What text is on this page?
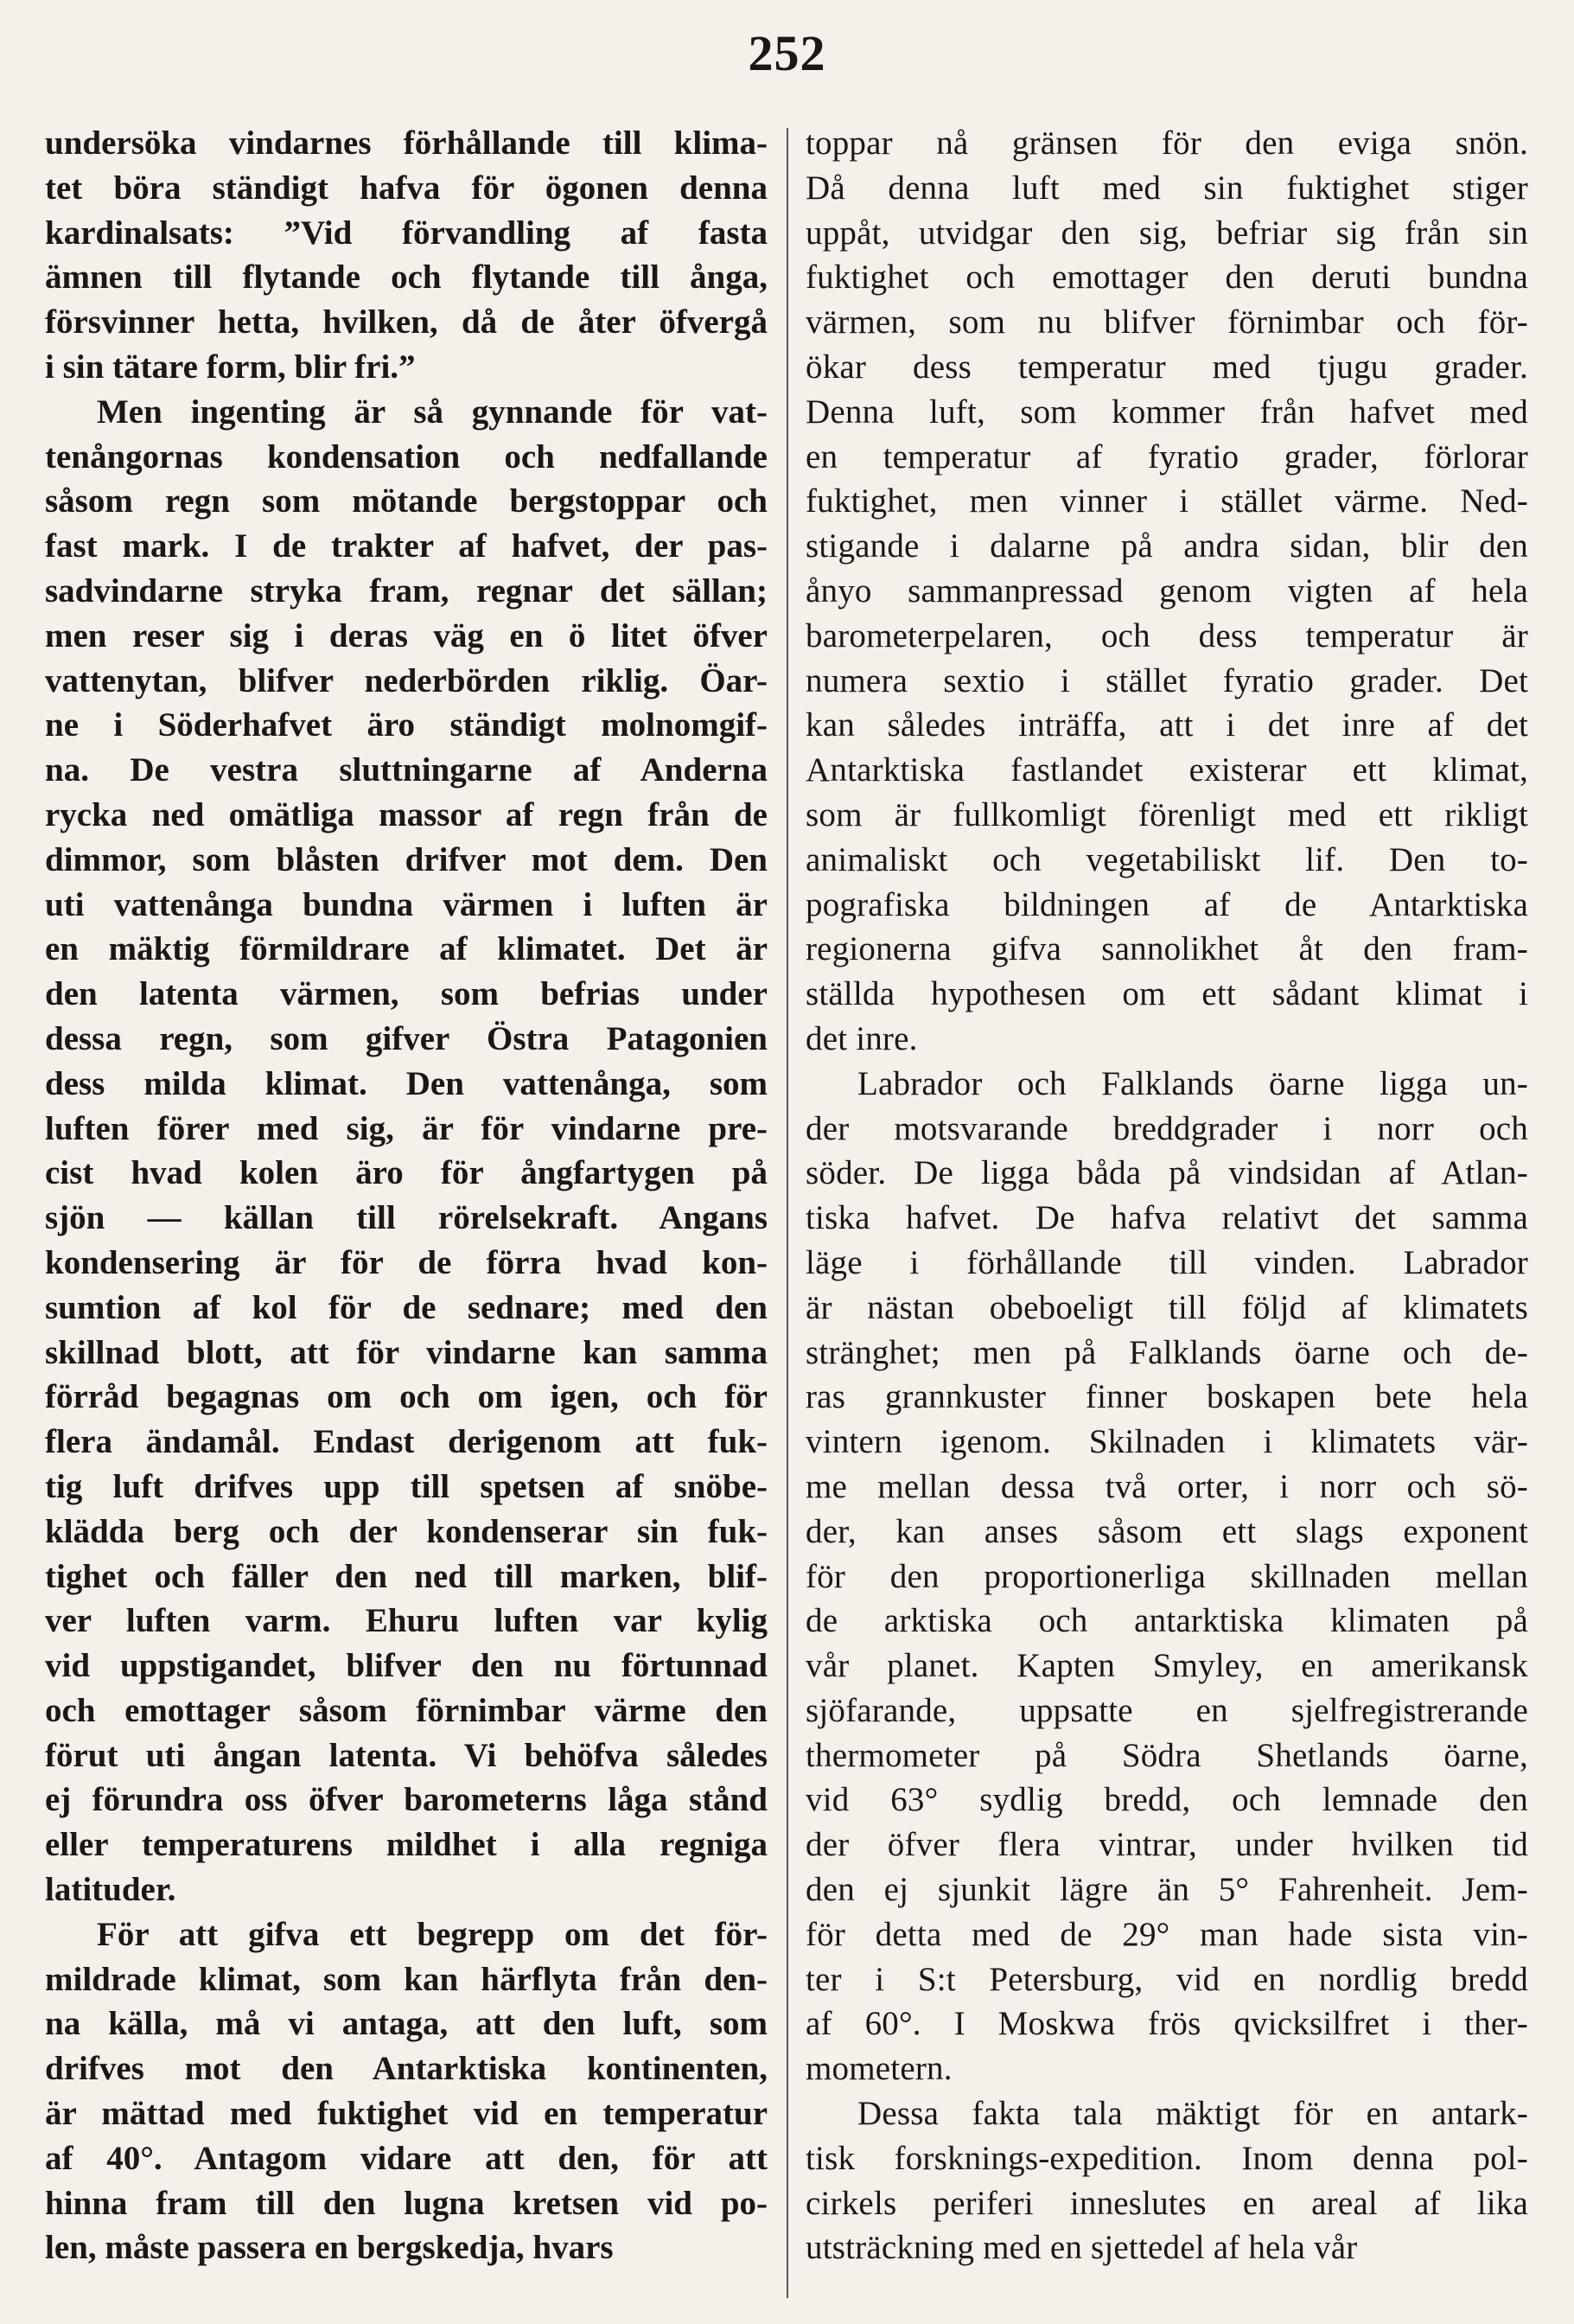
252
undersöka vindarnes förhållande till klima-
tet böra ständigt hafva för ögonen denna
kardinalsats: ”Vid förvandling af fasta
ämnen till flytande och flytande till ånga,
försvinner hetta, hvilken, då de åter öfvergå
i sin tätare form, blir fri.”
Men ingenting är så gynnande för vat-
tenångornas kondensation och nedfallande
såsom regn som mötande bergstoppar och
fast mark. I de trakter af hafvet, der pas-
sadvindarne stryka fram, regnar det sällan;
men reser sig i deras väg en ö litet öfver
vattenytan, blifver nederbörden riklig. Öar-
ne i Söderhafvet äro ständigt molnomgif-
na. De vestra sluttningarne af Anderna
rycka ned omätliga massor af regn från de
dimmor, som blåsten drifver mot dem. Den
uti vattenånga bundna värmen i luften är
en mäktig förmildrare af klimatet. Det är
den latenta värmen, som befrias under
dessa regn, som gifver Östra Patagonien
dess milda klimat. Den vattenånga, som
luften förer med sig, är för vindarne pre-
cist hvad kolen äro för ångfartygen på
sjön — källan till rörelsekraft. Angans
kondensering är för de förra hvad kon-
sumtion af kol för de sednare; med den
skillnad blott, att för vindarne kan samma
förråd begagnas om och om igen, och för
flera ändamål. Endast derigenom att fuk-
tig luft drifves upp till spetsen af snöbe-
klädda berg och der kondenserar sin fuk-
tighet och fäller den ned till marken, blif-
ver luften varm. Ehuru luften var kylig
vid uppstigandet, blifver den nu förtunnad
och emottager såsom förnimbar värme den
förut uti ångan latenta. Vi behöfva således
ej förundra oss öfver barometerns låga stånd
eller temperaturens mildhet i alla regniga
latituder.
För att gifva ett begrepp om det för-
mildrade klimat, som kan härflyta från den-
na källa, må vi antaga, att den luft, som
drifves mot den Antarktiska kontinenten,
är mättad med fuktighet vid en temperatur
af 40°. Antagom vidare att den, för att
hinna fram till den lugna kretsen vid po-
len, måste passera en bergskedja, hvars
toppar nå gränsen för den eviga snön.
Då denna luft med sin fuktighet stiger
uppåt, utvidgar den sig, befriar sig från sin
fuktighet och emottager den deruti bundna
värmen, som nu blifver förnimbar och för-
ökar dess temperatur med tjugu grader.
Denna luft, som kommer från hafvet med
en temperatur af fyratio grader, förlorar
fuktighet, men vinner i stället värme. Ned-
stigande i dalarne på andra sidan, blir den
ånyo sammanpressad genom vigten af hela
barometerpelaren, och dess temperatur är
numera sextio i stället fyratio grader. Det
kan således inträffa, att i det inre af det
Antarktiska fastlandet existerar ett klimat,
som är fullkomligt förenligt med ett rikligt
animaliskt och vegetabiliskt lif. Den to-
pografiska bildningen af de Antarktiska
regionerna gifva sannolikhet åt den fram-
ställda hypothesen om ett sådant klimat i
det inre.
Labrador och Falklands öarne ligga un-
der motsvarande breddgrader i norr och
söder. De ligga båda på vindsidan af Atlan-
tiska hafvet. De hafva relativt det samma
läge i förhållande till vinden. Labrador
är nästan obeboeligt till följd af klimatets
stränghet; men på Falklands öarne och de-
ras grannkuster finner boskapen bete hela
vintern igenom. Skilnaden i klimatets vär-
me mellan dessa två orter, i norr och sö-
der, kan anses såsom ett slags exponent
för den proportionerliga skillnaden mellan
de arktiska och antarktiska klimaten på
vår planet. Kapten Smyley, en amerikansk
sjöfarande, uppsatte en sjelfregistrerande
thermometer på Södra Shetlands öarne,
vid 63° sydlig bredd, och lemnade den
der öfver flera vintrar, under hvilken tid
den ej sjunkit lägre än 5° Fahrenheit. Jem-
för detta med de 29° man hade sista vin-
ter i S:t Petersburg, vid en nordlig bredd
af 60°. I Moskwa frös qvicksilfret i ther-
mometern.
Dessa fakta tala mäktigt för en antark-
tisk forsknings-expedition. Inom denna pol-
cirkels periferi inneslutes en areal af lika
utsträckning med en sjettedel af hela vår
